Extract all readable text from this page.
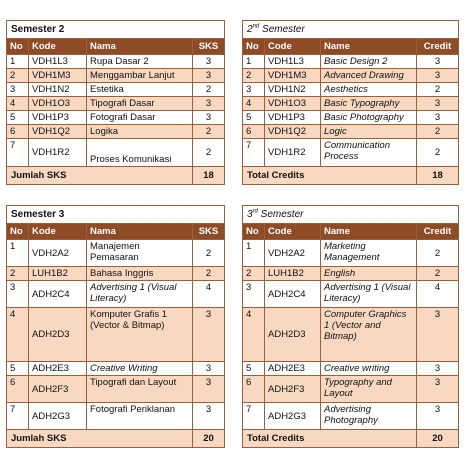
Semester 2			
No	Kode	Nama	SKS
1	VDH1L3	Rupa Dasar 2	3
2	VDH1M3	Menggambar Lanjut	3
3	VDH1N2	Estetika	2
4	VDH1O3	Tipografi Dasar	3
5	VDH1P3	Fotografi Dasar	3
6	VDH1Q2	Logika	2
7	VDH1R2	Proses Komunikasi	2
Jumlah SKS			18
2nd Semester			
No	Code	Name	Credit
1	VDH1L3	Basic Design 2	3
2	VDH1M3	Advanced Drawing	3
3	VDH1N2	Aesthetics	2
4	VDH1O3	Basic Typography	3
5	VDH1P3	Basic Photography	3
6	VDH1Q2	Logic	2
7	VDH1R2	Communication Process	2
Total Credits			18
Semester 3			
No	Kode	Nama	SKS
1	VDH2A2	Manajemen Pemasaran	2
2	LUH1B2	Bahasa Inggris	2
3	ADH2C4	Advertising 1 (Visual Literacy)	4
4	ADH2D3	Komputer Grafis 1 (Vector & Bitmap)	3
5	ADH2E3	Creative Writing	3
6	ADH2F3	Tipografi dan Layout	3
7	ADH2G3	Fotografi Periklanan	3
Jumlah SKS			20
3rd Semester			
No	Code	Name	Credit
1	VDH2A2	Marketing Management	2
2	LUH1B2	English	2
3	ADH2C4	Advertising 1 (Visual Literacy)	4
4	ADH2D3	Computer Graphics 1 (Vector and Bitmap)	3
5	ADH2E3	Creative writing	3
6	ADH2F3	Typography and Layout	3
7	ADH2G3	Advertising Photography	3
Total Credits			20
